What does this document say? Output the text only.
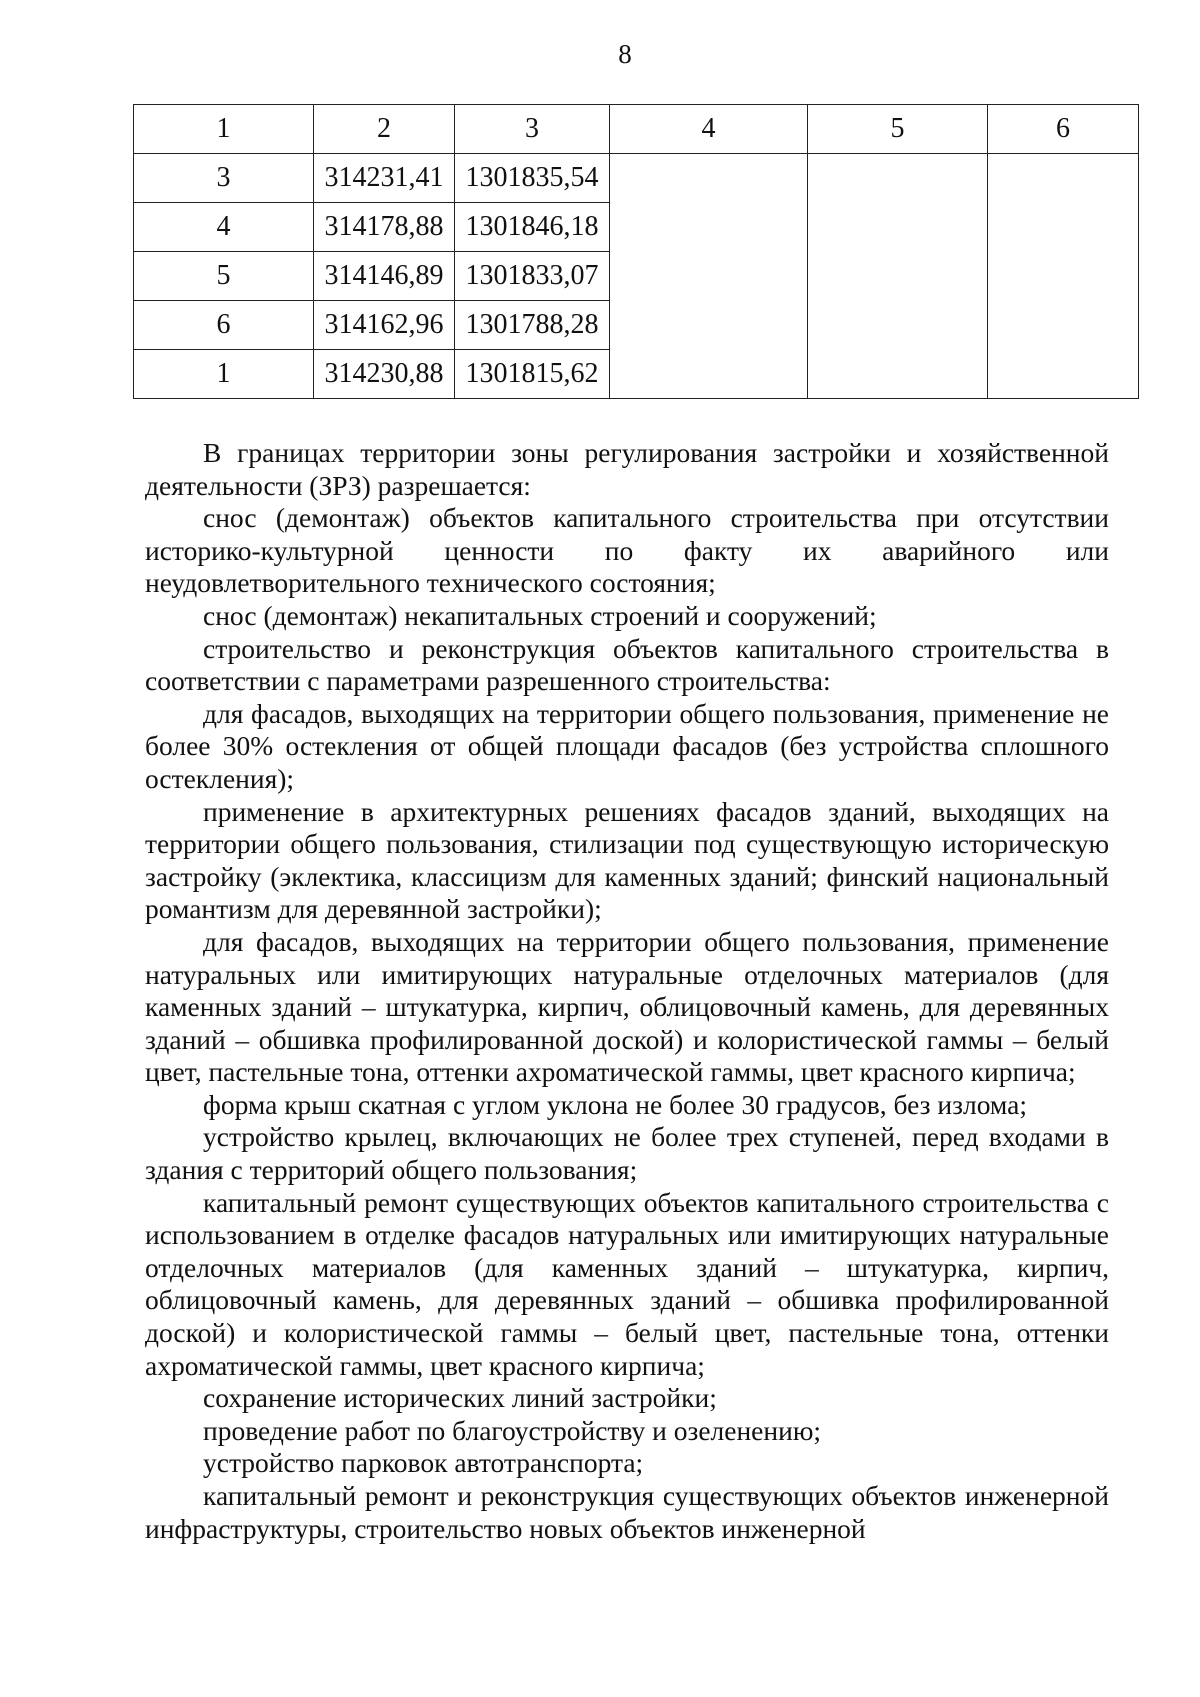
8
1	2	3	4	5	6
3	314231,41	1301835,54			
4	314178,88	1301846,18			
5	314146,89	1301833,07			
6	314162,96	1301788,28			
1	314230,88	1301815,62			

В границах территории зоны регулирования застройки и хозяйственной деятельности (ЗРЗ) разрешается:

снос (демонтаж) объектов капитального строительства при отсутствии историко-культурной ценности по факту их аварийного или неудовлетворительного технического состояния;

снос (демонтаж) некапитальных строений и сооружений;

строительство и реконструкция объектов капитального строительства в соответствии с параметрами разрешенного строительства:

для фасадов, выходящих на территории общего пользования, применение не более 30% остекления от общей площади фасадов (без устройства сплошного остекления);

применение в архитектурных решениях фасадов зданий, выходящих на территории общего пользования, стилизации под существующую историческую застройку (эклектика, классицизм для каменных зданий; финский национальный романтизм для деревянной застройки);

для фасадов, выходящих на территории общего пользования, применение натуральных или имитирующих натуральные отделочных материалов (для каменных зданий – штукатурка, кирпич, облицовочный камень, для деревянных зданий – обшивка профилированной доской) и колористической гаммы – белый цвет, пастельные тона, оттенки ахроматической гаммы, цвет красного кирпича;

форма крыш скатная с углом уклона не более 30 градусов, без излома;

устройство крылец, включающих не более трех ступеней, перед входами в здания с территорий общего пользования;

капитальный ремонт существующих объектов капитального строительства с использованием в отделке фасадов натуральных или имитирующих натуральные отделочных материалов (для каменных зданий – штукатурка, кирпич, облицовочный камень, для деревянных зданий – обшивка профилированной доской) и колористической гаммы – белый цвет, пастельные тона, оттенки ахроматической гаммы, цвет красного кирпича;

сохранение исторических линий застройки;

проведение работ по благоустройству и озеленению;

устройство парковок автотранспорта;

капитальный ремонт и реконструкция существующих объектов инженерной инфраструктуры, строительство новых объектов инженерной
